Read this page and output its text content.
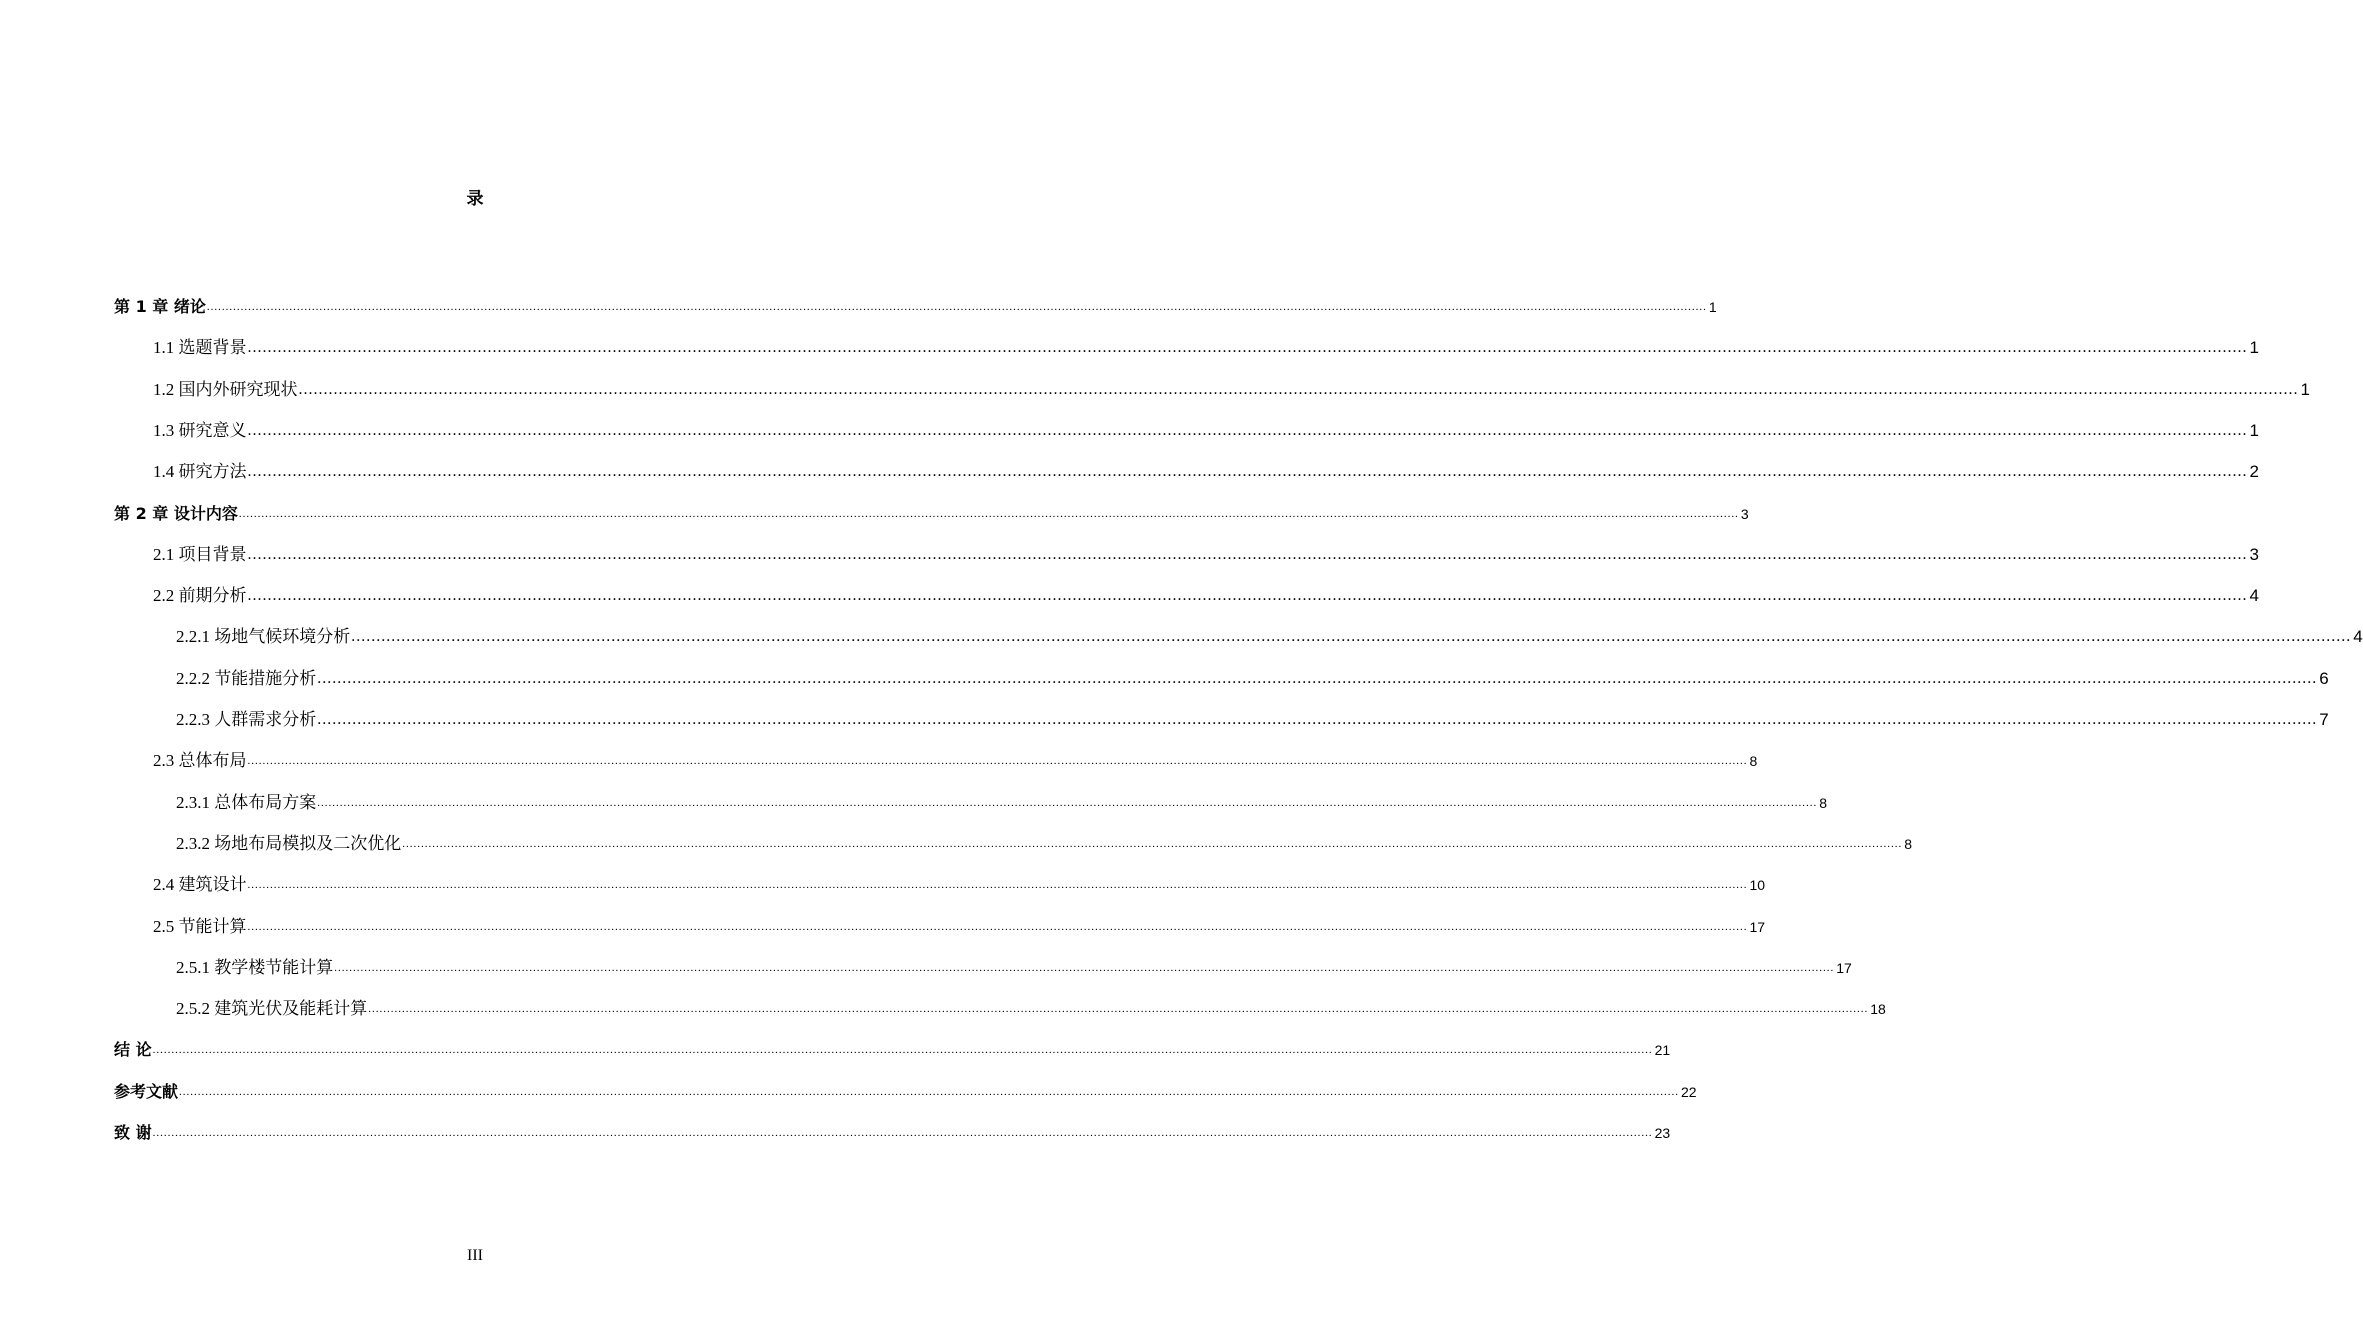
录
第 1 章 绪论 ................................................................................................................................................................................................................................................................................................................................................................................................................ 1
1.1 选题背景 ................................................................................................................................................................................................................................................................................................................................................................................................................ 1
1.2 国内外研究现状 ................................................................................................................................................................................................................................................................................................................................................................................................................ 1
1.3 研究意义 ................................................................................................................................................................................................................................................................................................................................................................................................................ 1
1.4 研究方法 ................................................................................................................................................................................................................................................................................................................................................................................................................ 2
第 2 章 设计内容 ................................................................................................................................................................................................................................................................................................................................................................................................................ 3
2.1 项目背景 ................................................................................................................................................................................................................................................................................................................................................................................................................ 3
2.2 前期分析 ................................................................................................................................................................................................................................................................................................................................................................................................................ 4
2.2.1 场地气候环境分析 ................................................................................................................................................................................................................................................................................................................................................................................................................ 4
2.2.2 节能措施分析 ................................................................................................................................................................................................................................................................................................................................................................................................................ 6
2.2.3 人群需求分析 ................................................................................................................................................................................................................................................................................................................................................................................................................ 7
2.3 总体布局 ................................................................................................................................................................................................................................................................................................................................................................................................................ 8
2.3.1 总体布局方案 ................................................................................................................................................................................................................................................................................................................................................................................................................ 8
2.3.2 场地布局模拟及二次优化 ................................................................................................................................................................................................................................................................................................................................................................................................................ 8
2.4 建筑设计 ................................................................................................................................................................................................................................................................................................................................................................................................................ 10
2.5 节能计算 ................................................................................................................................................................................................................................................................................................................................................................................................................ 17
2.5.1 教学楼节能计算 ................................................................................................................................................................................................................................................................................................................................................................................................................ 17
2.5.2 建筑光伏及能耗计算 ................................................................................................................................................................................................................................................................................................................................................................................................................ 18
结 论 ................................................................................................................................................................................................................................................................................................................................................................................................................ 21
参考文献 ................................................................................................................................................................................................................................................................................................................................................................................................................ 22
致 谢 ................................................................................................................................................................................................................................................................................................................................................................................................................ 23
III
